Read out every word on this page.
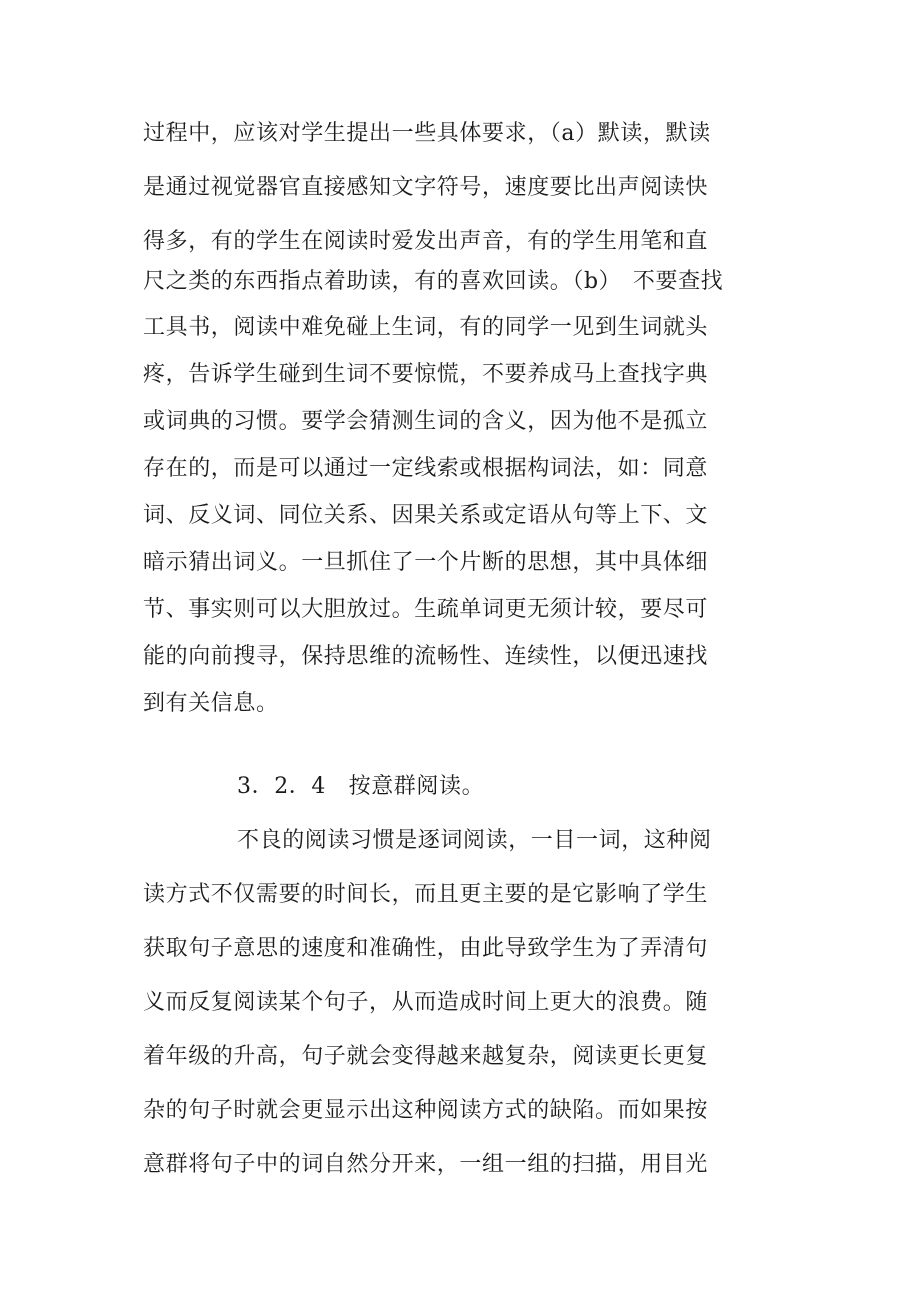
过程中，应该对学生提出一些具体要求，（a）默读，默读
是通过视觉器官直接感知文字符号，速度要比出声阅读快
得多，有的学生在阅读时爱发出声音，有的学生用笔和直
尺之类的东西指点着助读，有的喜欢回读。（b）　不要查找
工具书，阅读中难免碰上生词，有的同学一见到生词就头
疼，告诉学生碰到生词不要惊慌，不要养成马上查找字典
或词典的习惯。要学会猜测生词的含义，因为他不是孤立
存在的，而是可以通过一定线索或根据构词法，如：同意
词、反义词、同位关系、因果关系或定语从句等上下、文
暗示猜出词义。一旦抓住了一个片断的思想，其中具体细
节、事实则可以大胆放过。生疏单词更无须计较，要尽可
能的向前搜寻，保持思维的流畅性、连续性，以便迅速找
到有关信息。
3．2．4　按意群阅读。
不良的阅读习惯是逐词阅读，一目一词，这种阅
读方式不仅需要的时间长，而且更主要的是它影响了学生
获取句子意思的速度和准确性，由此导致学生为了弄清句
义而反复阅读某个句子，从而造成时间上更大的浪费。随
着年级的升高，句子就会变得越来越复杂，阅读更长更复
杂的句子时就会更显示出这种阅读方式的缺陷。而如果按
意群将句子中的词自然分开来，一组一组的扫描，用目光
